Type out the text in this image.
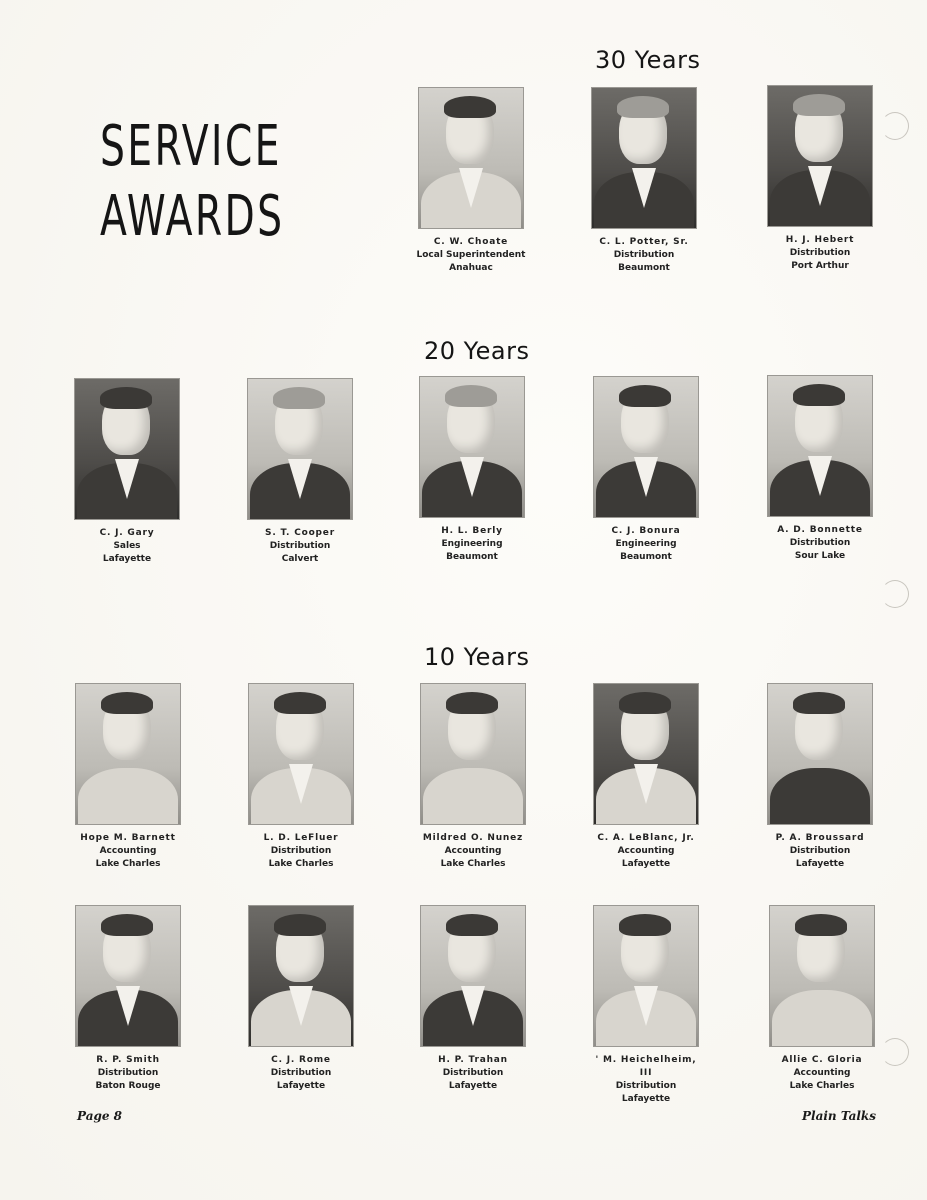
SERVICE
AWARDS
30 Years
20 Years
10 Years
C. W. Choate
Local Superintendent
Anahuac
C. L. Potter, Sr.
Distribution
Beaumont
H. J. Hebert
Distribution
Port Arthur
C. J. Gary
Sales
Lafayette
S. T. Cooper
Distribution
Calvert
H. L. Berly
Engineering
Beaumont
C. J. Bonura
Engineering
Beaumont
A. D. Bonnette
Distribution
Sour Lake
Hope M. Barnett
Accounting
Lake Charles
L. D. LeFluer
Distribution
Lake Charles
Mildred O. Nunez
Accounting
Lake Charles
C. A. LeBlanc, Jr.
Accounting
Lafayette
P. A. Broussard
Distribution
Lafayette
R. P. Smith
Distribution
Baton Rouge
C. J. Rome
Distribution
Lafayette
H. P. Trahan
Distribution
Lafayette
' M. Heichelheim, III
Distribution
Lafayette
Allie C. Gloria
Accounting
Lake Charles
Page 8	Plain Talks
